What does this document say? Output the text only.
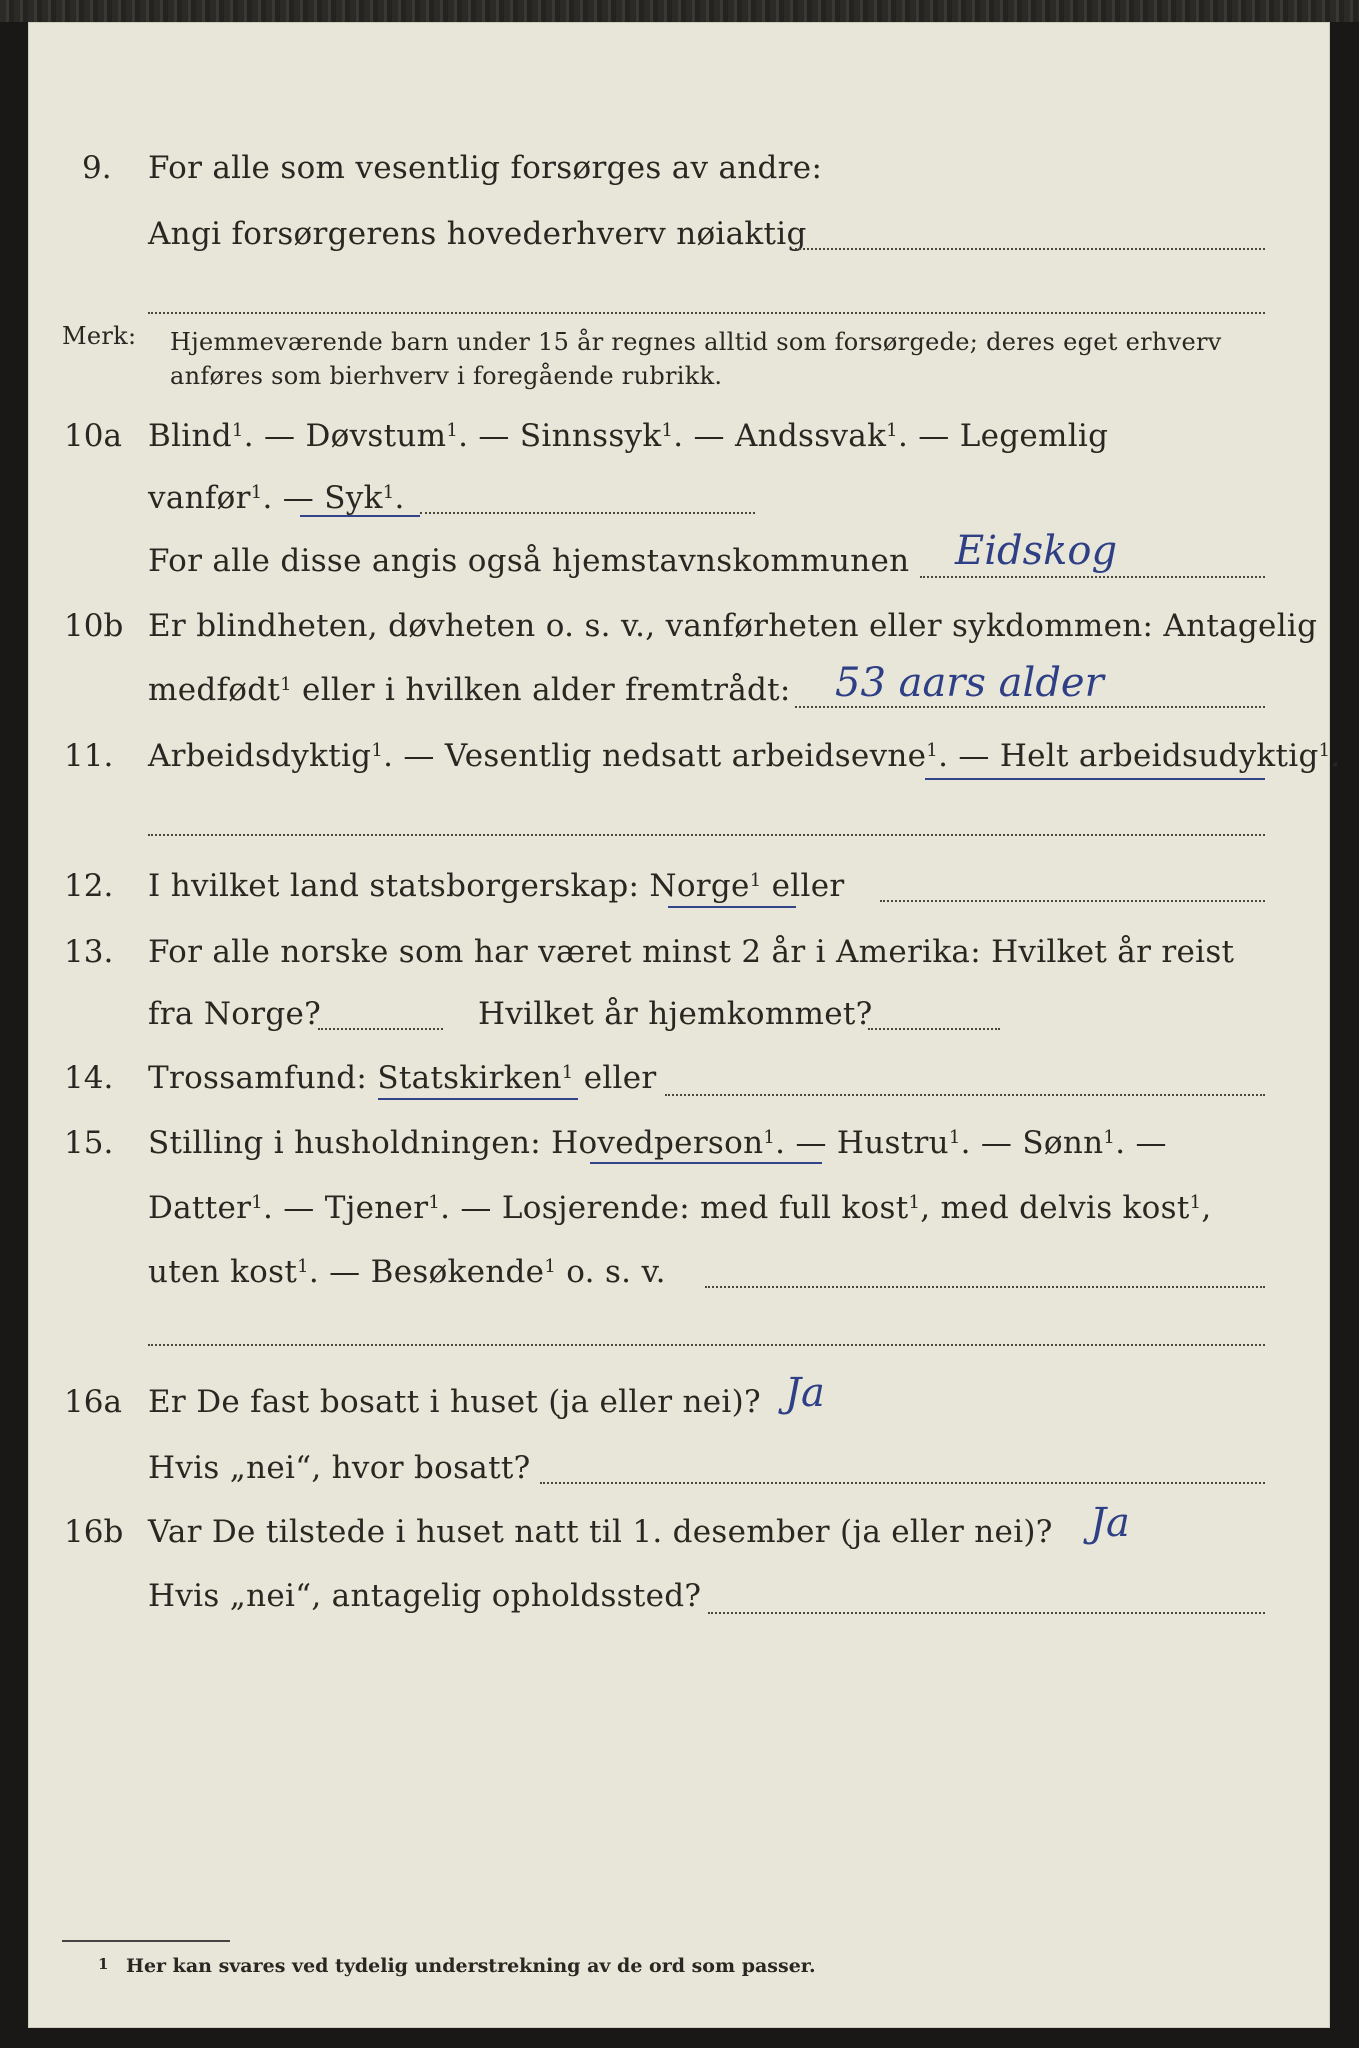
9. For alle som vesentlig forsørges av andre:
Angi forsørgerens hovederhverv nøiaktig
Merk: Hjemmeværende barn under 15 år regnes alltid som forsørgede; deres eget erhverv
anføres som bierhverv i foregående rubrikk.
10a Blind$^1$. — Døvstum$^1$. — Sinnssyk$^1$. — Andssvak$^1$. — Legemlig
vanfør$^1$. — Syk$^1$.
For alle disse angis også hjemstavnskommunen Eidskog
10b Er blindheten, døvheten o. s. v., vanførheten eller sykdommen: Antagelig
medfødt$^1$ eller i hvilken alder fremtrådt: 53 aars alder
11. Arbeidsdyktig$^1$. — Vesentlig nedsatt arbeidsevne$^1$. — Helt arbeidsudyktig$^1$.
12. I hvilket land statsborgerskap: Norge$^1$ eller
13. For alle norske som har været minst 2 år i Amerika: Hvilket år reist
fra Norge?	Hvilket år hjemkommet?
14. Trossamfund: Statskirken$^1$ eller
15. Stilling i husholdningen: Hovedperson$^1$. — Hustru$^1$. — Sønn$^1$. —
Datter$^1$. — Tjener$^1$. — Losjerende: med full kost$^1$, med delvis kost$^1$,
uten kost$^1$. — Besøkende$^1$ o. s. v.
16a Er De fast bosatt i huset (ja eller nei)? Ja
Hvis „nei“, hvor bosatt?
16b Var De tilstede i huset natt til 1. desember (ja eller nei)? Ja
Hvis „nei“, antagelig opholdssted?
1 Her kan svares ved tydelig understrekning av de ord som passer.
